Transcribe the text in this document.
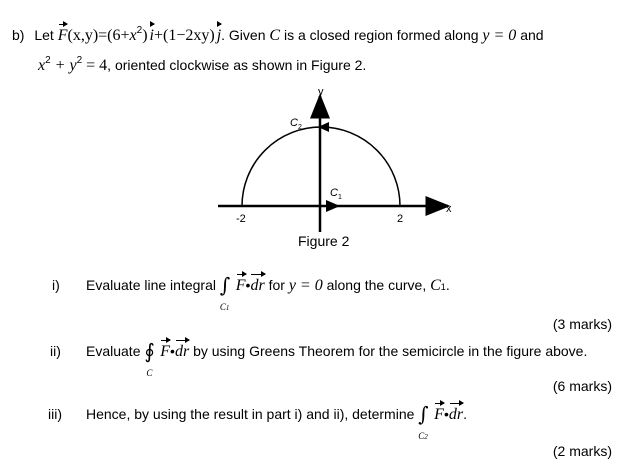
b) Let $F(x,y)=(6+x^2)$ i+(1−2xy) j. Given C is a closed region formed along y = 0 and
$x^2 + y^2 = 4$, oriented clockwise as shown in Figure 2.
x
y
C 2
C 1
-2	2
Figure 2
i) Evaluate line integral ∫
C1
F•dr for y = 0 along the curve, C1.
(3 marks)
ii) Evaluate ∮
C
F•dr by using Greens Theorem for the semicircle in the figure above.
(6 marks)
iii) Hence, by using the result in part i) and ii), determine ∫
C2
F•dr.
(2 marks)
